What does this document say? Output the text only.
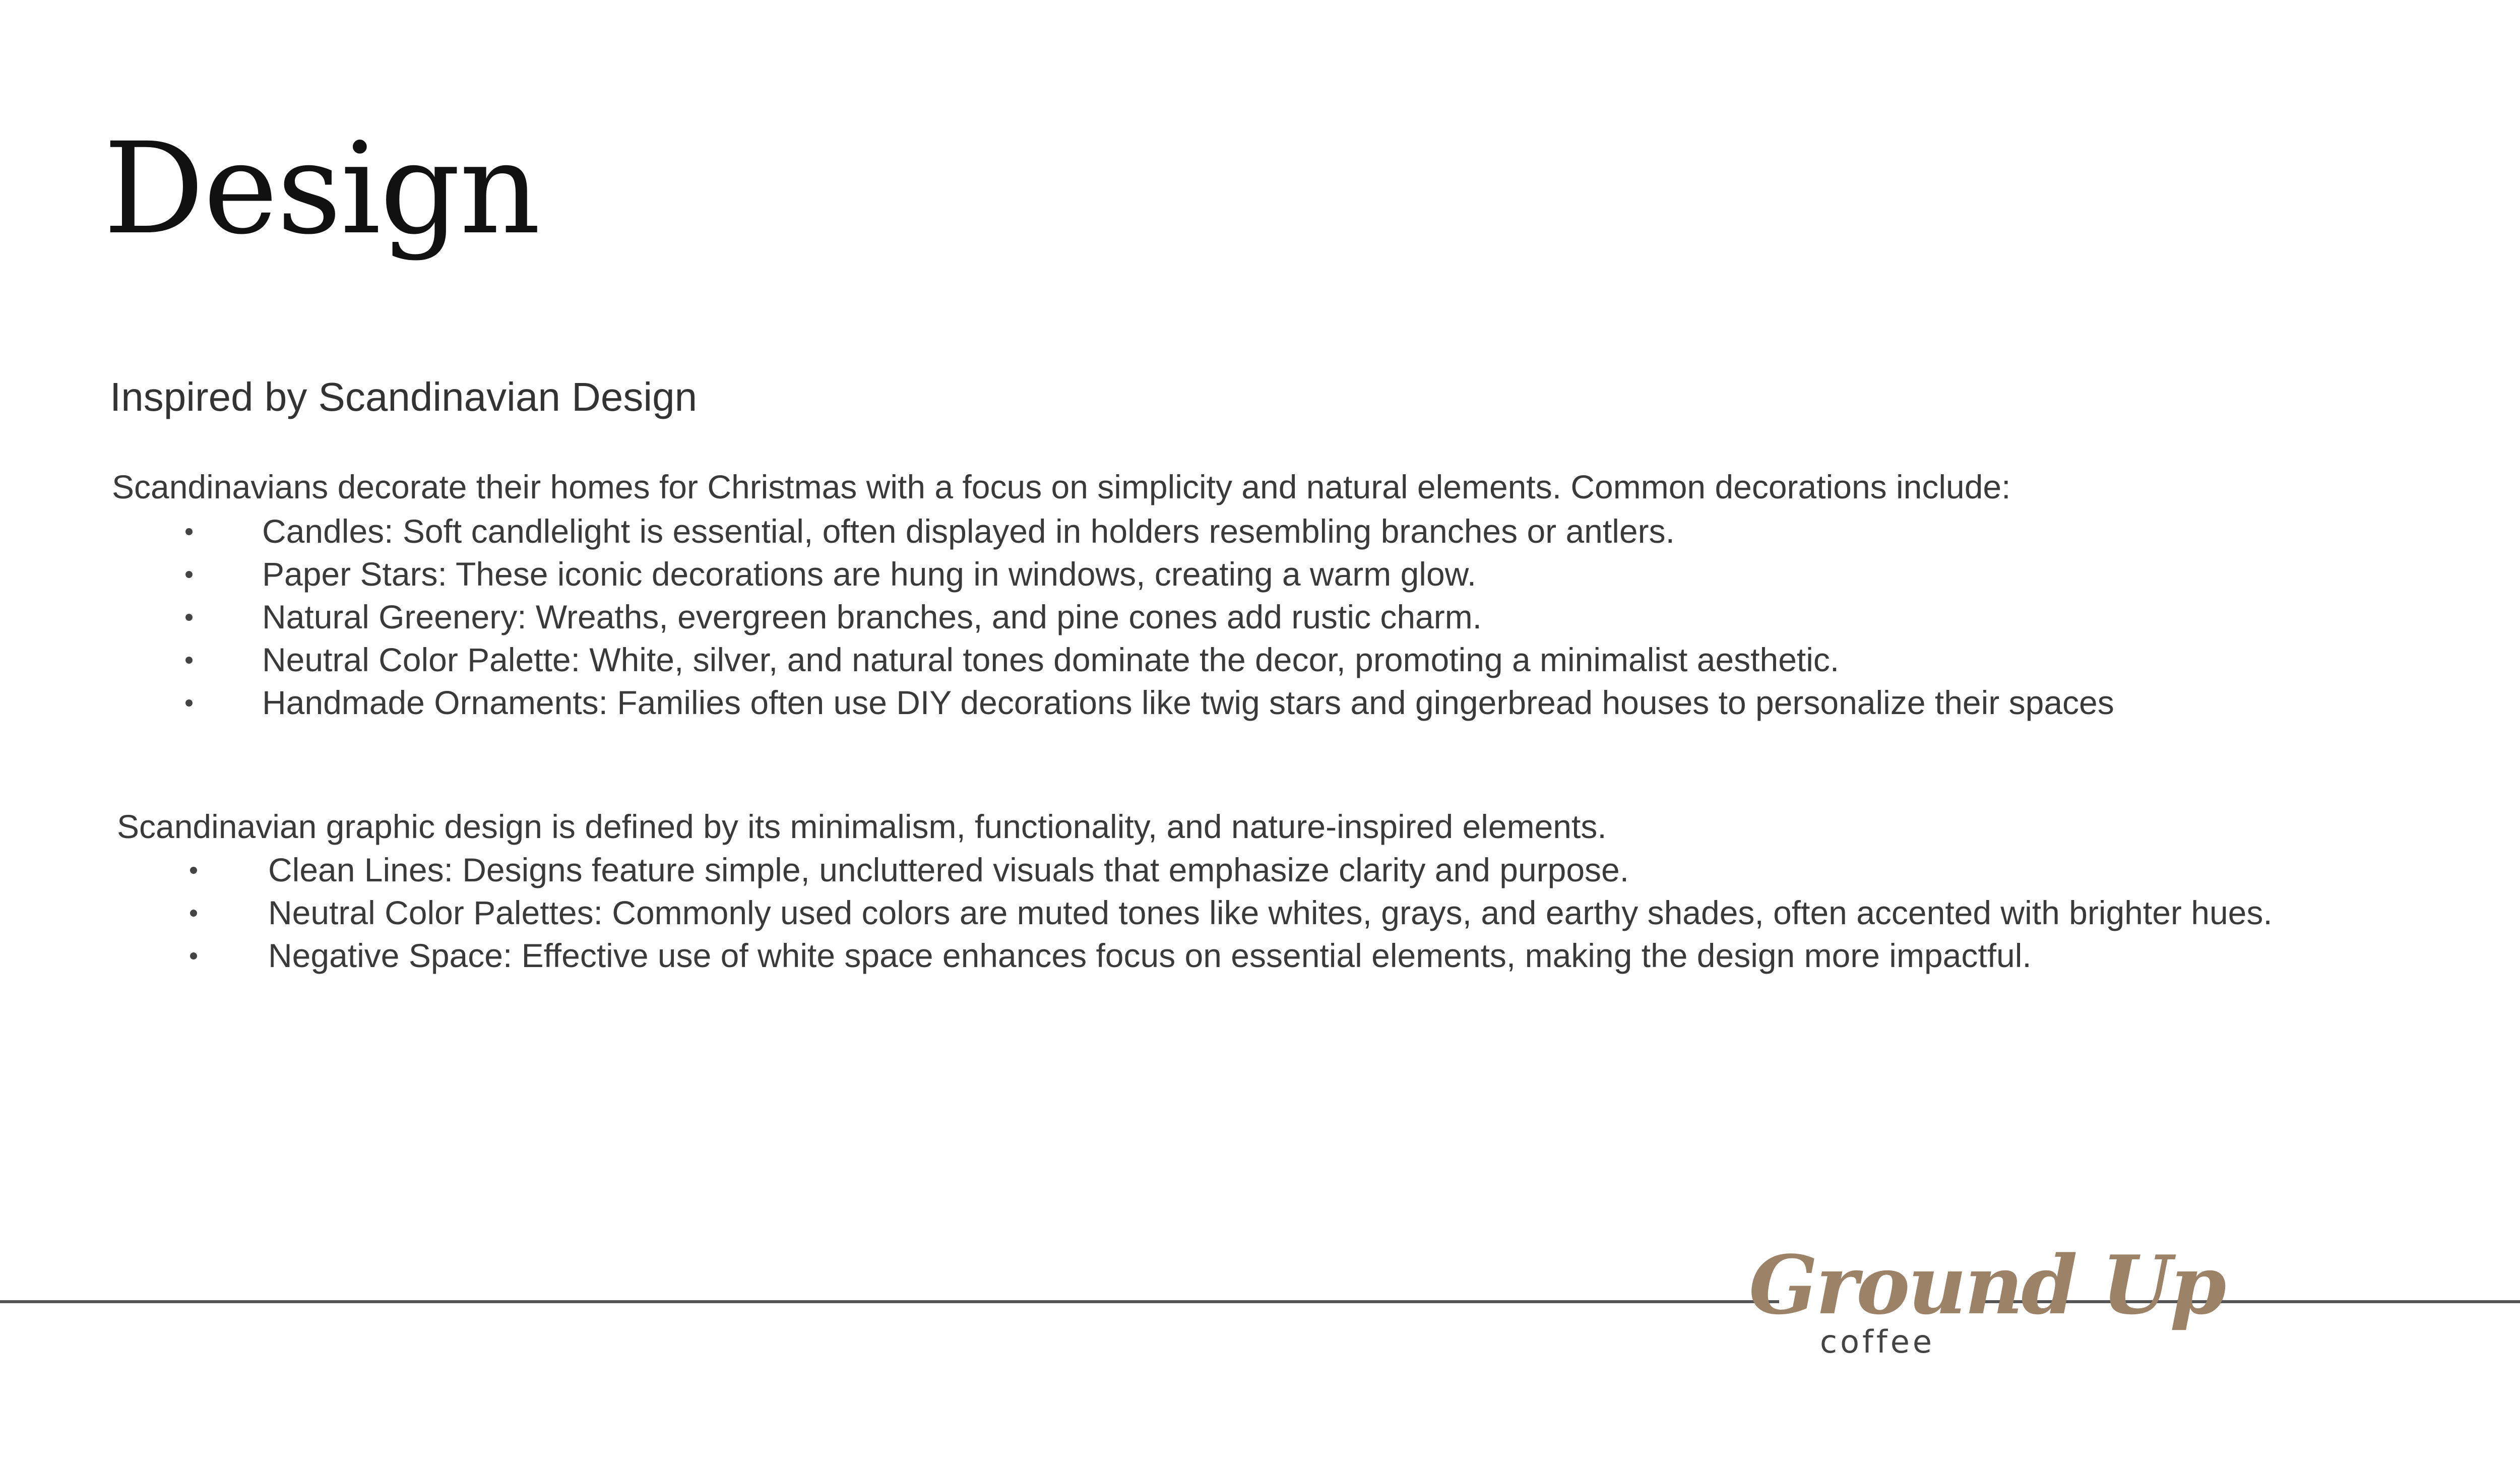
Design
Inspired by Scandinavian Design
Scandinavians decorate their homes for Christmas with a focus on simplicity and natural elements. Common decorations include:
Candles: Soft candlelight is essential, often displayed in holders resembling branches or antlers.
Paper Stars: These iconic decorations are hung in windows, creating a warm glow.
Natural Greenery: Wreaths, evergreen branches, and pine cones add rustic charm.
Neutral Color Palette: White, silver, and natural tones dominate the decor, promoting a minimalist aesthetic.
Handmade Ornaments: Families often use DIY decorations like twig stars and gingerbread houses to personalize their spaces
Scandinavian graphic design is defined by its minimalism, functionality, and nature-inspired elements.
Clean Lines: Designs feature simple, uncluttered visuals that emphasize clarity and purpose.
Neutral Color Palettes: Commonly used colors are muted tones like whites, grays, and earthy shades, often accented with brighter hues.
Negative Space: Effective use of white space enhances focus on essential elements, making the design more impactful.
Ground Up
coffee
